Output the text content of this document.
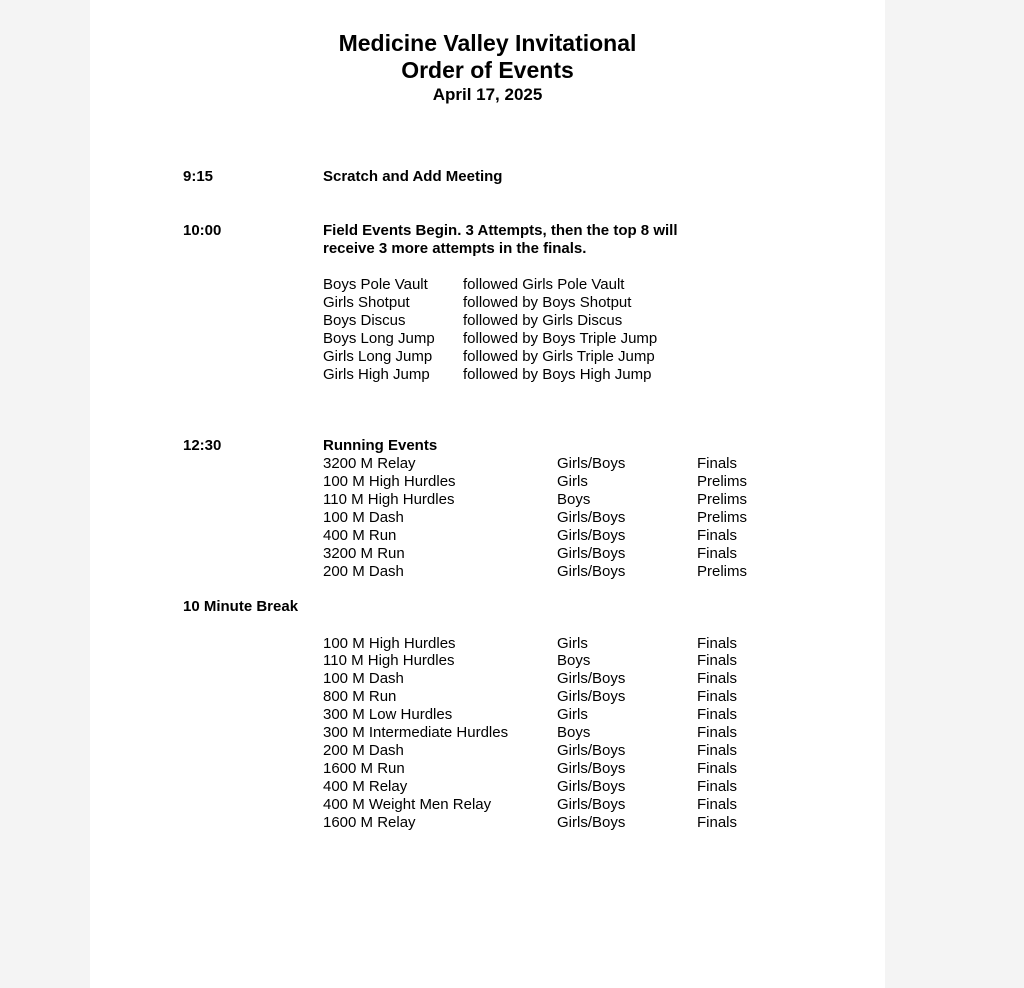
Medicine Valley Invitational
Order of Events
April 17, 2025
9:15	Scratch and Add Meeting
10:00	Field Events Begin. 3 Attempts, then the top 8 will
receive 3 more attempts in the finals.
Boys Pole Vault followed Girls Pole Vault
Girls Shotput	followed by Boys Shotput
Boys Discus	followed by Girls Discus
Boys Long Jump followed by Boys Triple Jump
Girls Long Jump followed by Girls Triple Jump
Girls High Jump followed by Boys High Jump
12:30	Running Events
3200 M Relay	Girls/Boys	Finals
100 M High Hurdles	Girls	Prelims
110 M High Hurdles	Boys	Prelims
100 M Dash	Girls/Boys	Prelims
400 M Run	Girls/Boys	Finals
3200 M Run	Girls/Boys	Finals
200 M Dash	Girls/Boys	Prelims
10 Minute Break
100 M High Hurdles	Girls	Finals
110 M High Hurdles	Boys	Finals
100 M Dash	Girls/Boys	Finals
800 M Run	Girls/Boys	Finals
300 M Low Hurdles	Girls	Finals
300 M Intermediate Hurdles	Boys	Finals
200 M Dash	Girls/Boys	Finals
1600 M Run	Girls/Boys	Finals
400 M Relay	Girls/Boys	Finals
400 M Weight Men Relay	Girls/Boys	Finals
1600 M Relay	Girls/Boys	Finals
